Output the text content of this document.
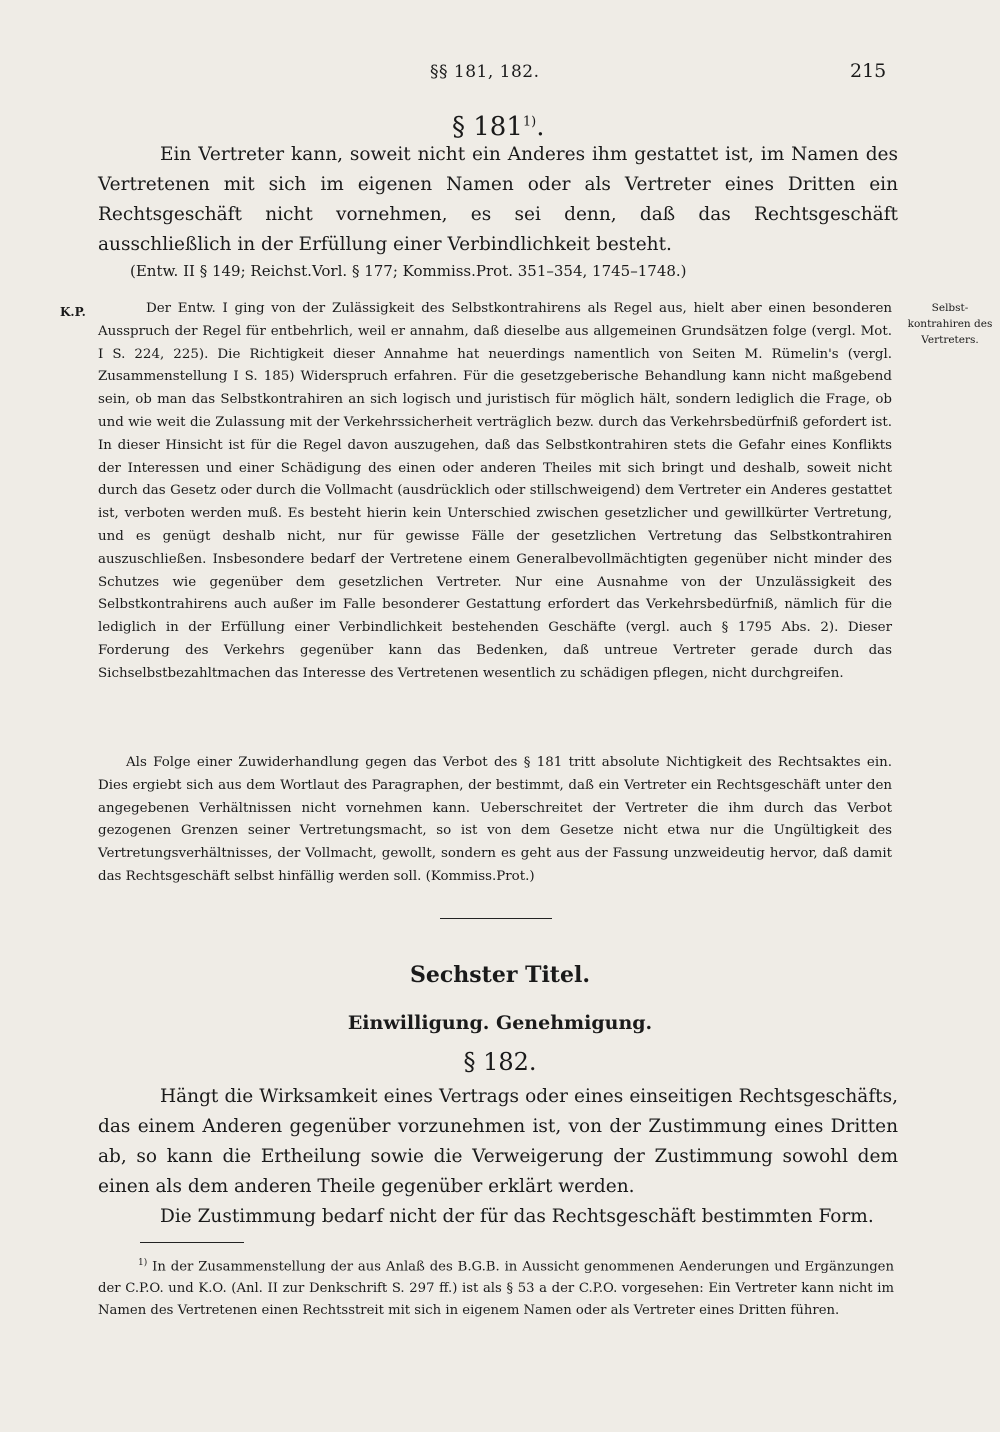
§§ 181, 182.	215
§ 181$^{1)}$.
Ein Vertreter kann, soweit nicht ein Anderes ihm gestattet ist, im Namen des Vertretenen mit sich im eigenen Namen oder als Vertreter eines Dritten ein Rechtsgeschäft nicht vornehmen, es sei denn, daß das Rechtsgeschäft ausschließlich in der Erfüllung einer Verbindlichkeit besteht.
(Entw. II § 149; Reichst.Vorl. § 177; Kommiss.Prot. 351–354, 1745–1748.)
K.P.	Selbst-kontrahiren des Vertreters.

Der Entw. I ging von der Zulässigkeit des Selbstkontrahirens als Regel aus, hielt aber einen besonderen Ausspruch der Regel für entbehrlich, weil er annahm, daß dieselbe aus allgemeinen Grundsätzen folge (vergl. Mot. I S. 224, 225). Die Richtigkeit dieser Annahme hat neuerdings namentlich von Seiten M. Rümelin's (vergl. Zusammenstellung I S. 185) Widerspruch erfahren. Für die gesetzgeberische Behandlung kann nicht maßgebend sein, ob man das Selbstkontrahiren an sich logisch und juristisch für möglich hält, sondern lediglich die Frage, ob und wie weit die Zulassung mit der Verkehrssicherheit verträglich bezw. durch das Verkehrsbedürfniß gefordert ist. In dieser Hinsicht ist für die Regel davon auszugehen, daß das Selbstkontrahiren stets die Gefahr eines Konflikts der Interessen und einer Schädigung des einen oder anderen Theiles mit sich bringt und deshalb, soweit nicht durch das Gesetz oder durch die Vollmacht (ausdrücklich oder stillschweigend) dem Vertreter ein Anderes gestattet ist, verboten werden muß. Es besteht hierin kein Unterschied zwischen gesetzlicher und gewillkürter Vertretung, und es genügt deshalb nicht, nur für gewisse Fälle der gesetzlichen Vertretung das Selbstkontrahiren auszuschließen. Insbesondere bedarf der Vertretene einem Generalbevollmächtigten gegenüber nicht minder des Schutzes wie gegenüber dem gesetzlichen Vertreter. Nur eine Ausnahme von der Unzulässigkeit des Selbstkontrahirens auch außer im Falle besonderer Gestattung erfordert das Verkehrsbedürfniß, nämlich für die lediglich in der Erfüllung einer Verbindlichkeit bestehenden Geschäfte (vergl. auch § 1795 Abs. 2). Dieser Forderung des Verkehrs gegenüber kann das Bedenken, daß untreue Vertreter gerade durch das Sichselbstbezahltmachen das Interesse des Vertretenen wesentlich zu schädigen pflegen, nicht durchgreifen.

Als Folge einer Zuwiderhandlung gegen das Verbot des § 181 tritt absolute Nichtigkeit des Rechtsaktes ein. Dies ergiebt sich aus dem Wortlaut des Paragraphen, der bestimmt, daß ein Vertreter ein Rechtsgeschäft unter den angegebenen Verhältnissen nicht vornehmen kann. Ueberschreitet der Vertreter die ihm durch das Verbot gezogenen Grenzen seiner Vertretungsmacht, so ist von dem Gesetze nicht etwa nur die Ungültigkeit des Vertretungsverhältnisses, der Vollmacht, gewollt, sondern es geht aus der Fassung unzweideutig hervor, daß damit das Rechtsgeschäft selbst hinfällig werden soll. (Kommiss.Prot.)

Sechster Titel.
Einwilligung. Genehmigung.
§ 182.

Hängt die Wirksamkeit eines Vertrags oder eines einseitigen Rechtsgeschäfts, das einem Anderen gegenüber vorzunehmen ist, von der Zustimmung eines Dritten ab, so kann die Ertheilung sowie die Verweigerung der Zustimmung sowohl dem einen als dem anderen Theile gegenüber erklärt werden.

Die Zustimmung bedarf nicht der für das Rechtsgeschäft bestimmten Form.

$^{1)}$ In der Zusammenstellung der aus Anlaß des B.G.B. in Aussicht genommenen Aenderungen und Ergänzungen der C.P.O. und K.O. (Anl. II zur Denkschrift S. 297 ff.) ist als § 53 a der C.P.O. vorgesehen: Ein Vertreter kann nicht im Namen des Vertretenen einen Rechtsstreit mit sich in eigenem Namen oder als Vertreter eines Dritten führen.
